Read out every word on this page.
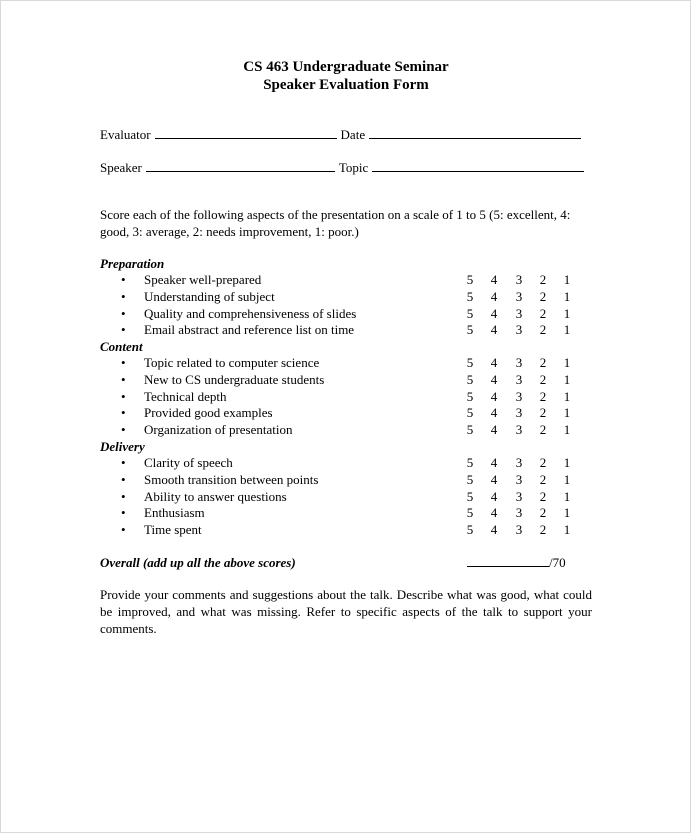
CS 463 Undergraduate Seminar
Speaker Evaluation Form
Evaluator	Date
Speaker	Topic
Score each of the following aspects of the presentation on a scale of 1 to 5 (5: excellent, 4: good, 3: average, 2: needs improvement, 1: poor.)
Preparation
• Speaker well-prepared	5 4 3 2 1
• Understanding of subject	5 4 3 2 1
• Quality and comprehensiveness of slides	5 4 3 2 1
• Email abstract and reference list on time	5 4 3 2 1
Content
• Topic related to computer science	5 4 3 2 1
• New to CS undergraduate students	5 4 3 2 1
• Technical depth	5 4 3 2 1
• Provided good examples	5 4 3 2 1
• Organization of presentation	5 4 3 2 1
Delivery
• Clarity of speech	5 4 3 2 1
• Smooth transition between points	5 4 3 2 1
• Ability to answer questions	5 4 3 2 1
• Enthusiasm	5 4 3 2 1
• Time spent	5 4 3 2 1
Overall (add up all the above scores)	/70
Provide your comments and suggestions about the talk. Describe what was good, what could be improved, and what was missing. Refer to specific aspects of the talk to support your comments.
